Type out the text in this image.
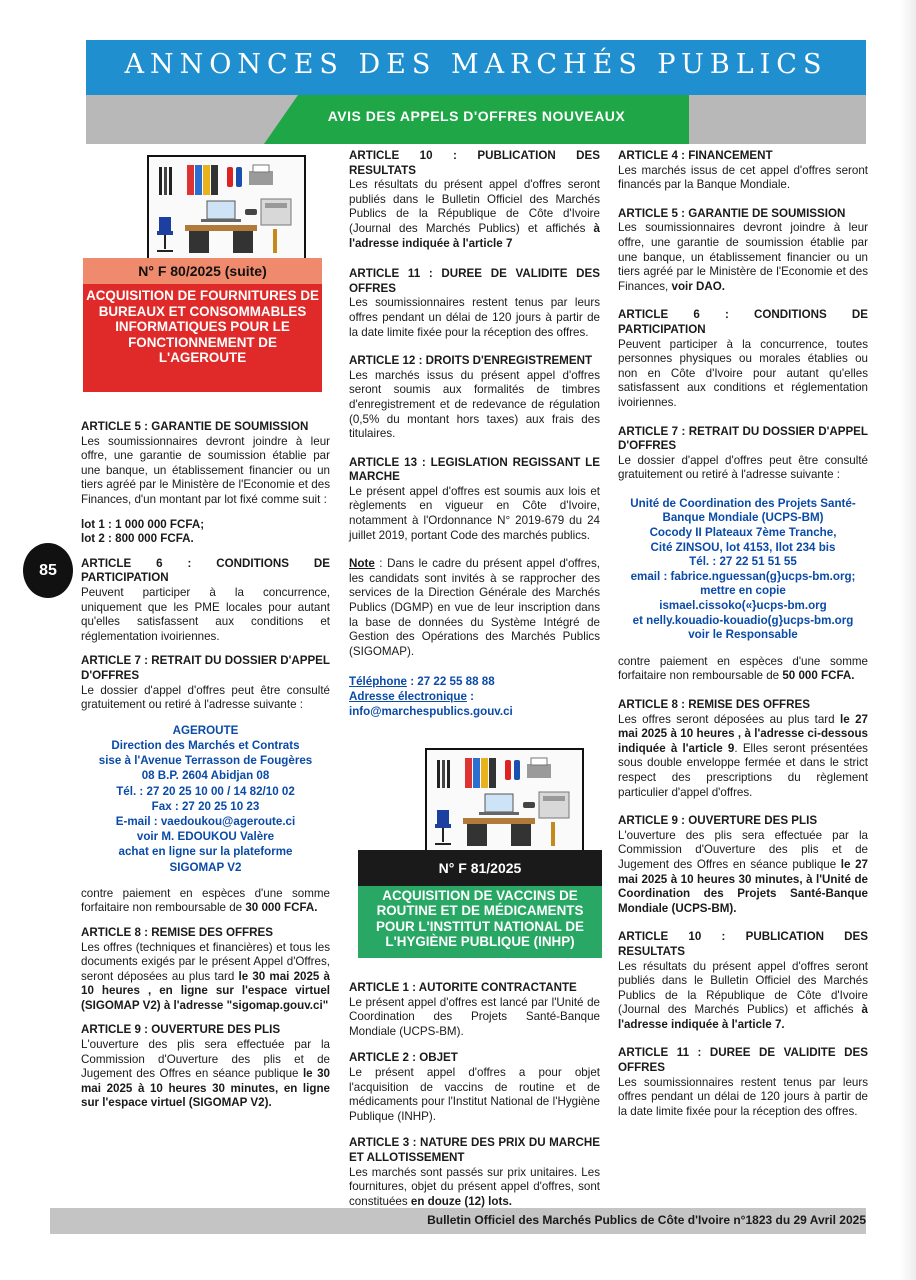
ANNONCES DES MARCHÉS PUBLICS
AVIS DES APPELS D'OFFRES NOUVEAUX
N° F 80/2025 (suite)
ACQUISITION DE FOURNITURES DE BUREAUX ET CONSOMMABLES INFORMATIQUES POUR LE FONCTIONNEMENT DE L'AGEROUTE
85

ARTICLE 5 : GARANTIE DE SOUMISSION

Les soumissionnaires devront joindre à leur offre, une garantie de soumission établie par une banque, un établissement financier ou un tiers agréé par le Ministère de l'Economie et des Finances, d'un montant par lot fixé comme suit :

lot 1 : 1 000 000 FCFA;

lot 2 : 800 000 FCFA.

ARTICLE 6 : CONDITIONS DE PARTICIPATION

Peuvent participer à la concurrence, uniquement que les PME locales pour autant qu'elles satisfassent aux conditions et réglementation ivoiriennes.

ARTICLE 7 : RETRAIT DU DOSSIER D'APPEL D'OFFRES

Le dossier d'appel d'offres peut être consulté gratuitement ou retiré à l'adresse suivante :

AGEROUTE
Direction des Marchés et Contrats
sise à l'Avenue Terrasson de Fougères
08 B.P. 2604 Abidjan 08
Tél. : 27 20 25 10 00 / 14 82/10 02
Fax : 27 20 25 10 23
E-mail : vaedoukou@ageroute.ci
voir M. EDOUKOU Valère
achat en ligne sur la plateforme
SIGOMAP V2

contre paiement en espèces d'une somme forfaitaire non remboursable de 30 000 FCFA.

ARTICLE 8 : REMISE DES OFFRES

Les offres (techniques et financières) et tous les documents exigés par le présent Appel d'Offres, seront déposées au plus tard le 30 mai 2025 à 10 heures , en ligne sur l'espace virtuel (SIGOMAP V2) à l'adresse "sigomap.gouv.ci"

ARTICLE 9 : OUVERTURE DES PLIS

L'ouverture des plis sera effectuée par la Commission d'Ouverture des plis et de Jugement des Offres en séance publique le 30 mai 2025 à 10 heures 30 minutes, en ligne sur l'espace virtuel (SIGOMAP V2).

ARTICLE 10 : PUBLICATION DES RESULTATS

Les résultats du présent appel d'offres seront publiés dans le Bulletin Officiel des Marchés Publics de la République de Côte d'Ivoire (Journal des Marchés Publics) et affichés à l'adresse indiquée à l'article 7

ARTICLE 11 : DUREE DE VALIDITE DES OFFRES

Les soumissionnaires restent tenus par leurs offres pendant un délai de 120 jours à partir de la date limite fixée pour la réception des offres.

ARTICLE 12 : DROITS D'ENREGISTREMENT

Les marchés issus du présent appel d'offres seront soumis aux formalités de timbres d'enregistrement et de redevance de régulation (0,5% du montant hors taxes) aux frais des titulaires.

ARTICLE 13 : LEGISLATION REGISSANT LE MARCHE

Le présent appel d'offres est soumis aux lois et règlements en vigueur en Côte d'Ivoire, notamment à l'Ordonnance N° 2019-679 du 24 juillet 2019, portant Code des marchés publics.

Note : Dans le cadre du présent appel d'offres, les candidats sont invités à se rapprocher des services de la Direction Générale des Marchés Publics (DGMP) en vue de leur inscription dans la base de données du Système Intégré de Gestion des Opérations des Marchés Publics (SIGOMAP).

Téléphone : 27 22 55 88 88
Adresse électronique :
info@marchespublics.gouv.ci
N° F 81/2025
ACQUISITION DE VACCINS DE ROUTINE ET DE MÉDICAMENTS POUR L'INSTITUT NATIONAL DE L'HYGIÈNE PUBLIQUE (INHP)

ARTICLE 1 : AUTORITE CONTRACTANTE

Le présent appel d'offres est lancé par l'Unité de Coordination des Projets Santé-Banque Mondiale (UCPS-BM).

ARTICLE 2 : OBJET

Le présent appel d'offres a pour objet l'acquisition de vaccins de routine et de médicaments pour l'Institut National de l'Hygiène Publique (INHP).

ARTICLE 3 : NATURE DES PRIX DU MARCHE ET ALLOTISSEMENT

Les marchés sont passés sur prix unitaires. Les fournitures, objet du présent appel d'offres, sont constituées en douze (12) lots.

ARTICLE 4 : FINANCEMENT

Les marchés issus de cet appel d'offres seront financés par la Banque Mondiale.

ARTICLE 5 : GARANTIE DE SOUMISSION

Les soumissionnaires devront joindre à leur offre, une garantie de soumission établie par une banque, un établissement financier ou un tiers agréé par le Ministère de l'Economie et des Finances, voir DAO.

ARTICLE 6 : CONDITIONS DE PARTICIPATION

Peuvent participer à la concurrence, toutes personnes physiques ou morales établies ou non en Côte d'Ivoire pour autant qu'elles satisfassent aux conditions et réglementation ivoiriennes.

ARTICLE 7 : RETRAIT DU DOSSIER D'APPEL D'OFFRES

Le dossier d'appel d'offres peut être consulté gratuitement ou retiré à l'adresse suivante :

Unité de Coordination des Projets Santé-
Banque Mondiale (UCPS-BM)
Cocody II Plateaux 7ème Tranche,
Cité ZINSOU, lot 4153, Ilot 234 bis
Tél. : 27 22 51 51 55
email : fabrice.nguessan(g}ucps-bm.org;
mettre en copie
ismael.cissoko(«}ucps-bm.org
et nelly.kouadio-kouadio(g}ucps-bm.org
voir le Responsable

contre paiement en espèces d'une somme forfaitaire non remboursable de 50 000 FCFA.

ARTICLE 8 : REMISE DES OFFRES

Les offres seront déposées au plus tard le 27 mai 2025 à 10 heures , à l'adresse ci-dessous indiquée à l'article 9. Elles seront présentées sous double enveloppe fermée et dans le strict respect des prescriptions du règlement particulier d'appel d'offres.

ARTICLE 9 : OUVERTURE DES PLIS

L'ouverture des plis sera effectuée par la Commission d'Ouverture des plis et de Jugement des Offres en séance publique le 27 mai 2025 à 10 heures 30 minutes, à l'Unité de Coordination des Projets Santé-Banque Mondiale (UCPS-BM).

ARTICLE 10 : PUBLICATION DES RESULTATS

Les résultats du présent appel d'offres seront publiés dans le Bulletin Officiel des Marchés Publics de la République de Côte d'Ivoire (Journal des Marchés Publics) et affichés à l'adresse indiquée à l'article 7.

ARTICLE 11 : DUREE DE VALIDITE DES OFFRES

Les soumissionnaires restent tenus par leurs offres pendant un délai de 120 jours à partir de la date limite fixée pour la réception des offres.

Bulletin Officiel des Marchés Publics de Côte d'Ivoire n°1823 du 29 Avril 2025
